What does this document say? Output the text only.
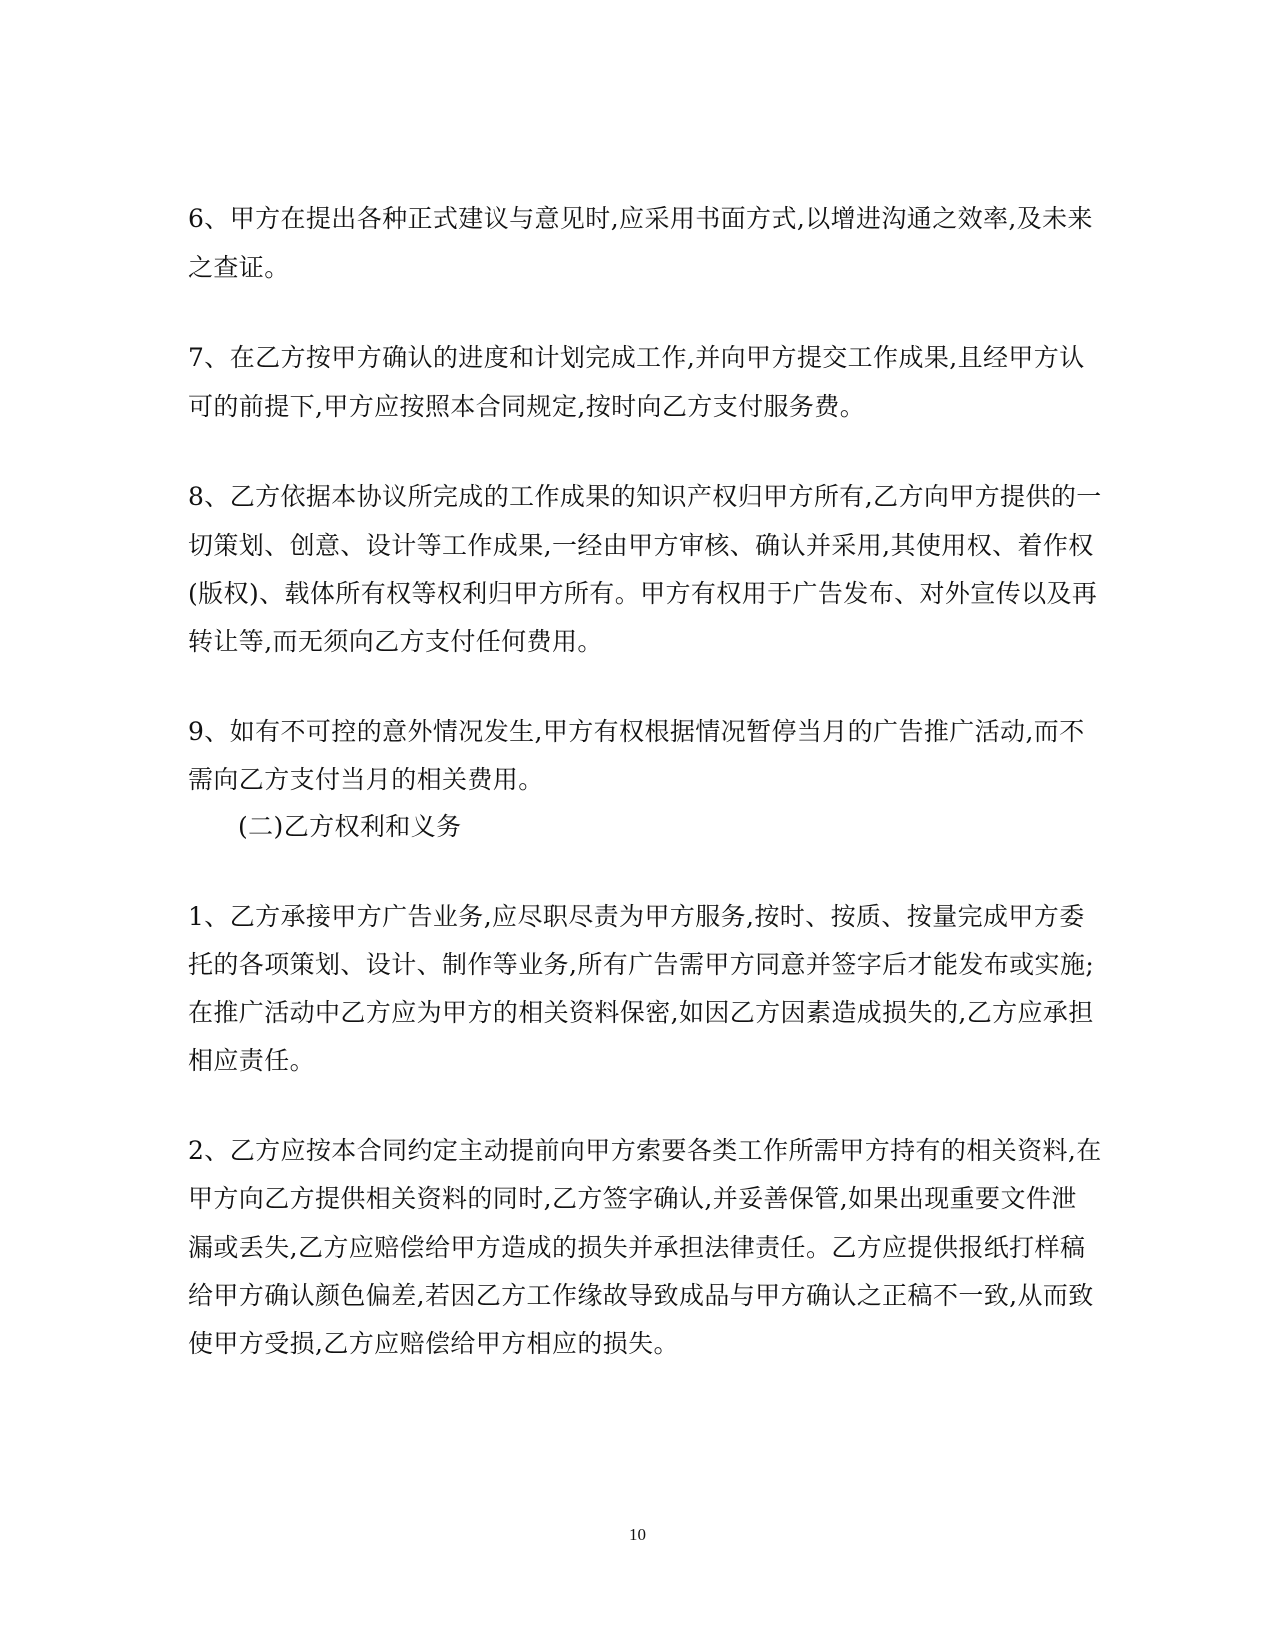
6、甲方在提出各种正式建议与意见时,应采用书面方式,以增进沟通之效率,及未来
之查证。
7、在乙方按甲方确认的进度和计划完成工作,并向甲方提交工作成果,且经甲方认
可的前提下,甲方应按照本合同规定,按时向乙方支付服务费。
8、乙方依据本协议所完成的工作成果的知识产权归甲方所有,乙方向甲方提供的一
切策划、创意、设计等工作成果,一经由甲方审核、确认并采用,其使用权、着作权
(版权)、载体所有权等权利归甲方所有。甲方有权用于广告发布、对外宣传以及再
转让等,而无须向乙方支付任何费用。
9、如有不可控的意外情况发生,甲方有权根据情况暂停当月的广告推广活动,而不
需向乙方支付当月的相关费用。
(二)乙方权利和义务
1、乙方承接甲方广告业务,应尽职尽责为甲方服务,按时、按质、按量完成甲方委
托的各项策划、设计、制作等业务,所有广告需甲方同意并签字后才能发布或实施;
在推广活动中乙方应为甲方的相关资料保密,如因乙方因素造成损失的,乙方应承担
相应责任。
2、乙方应按本合同约定主动提前向甲方索要各类工作所需甲方持有的相关资料,在
甲方向乙方提供相关资料的同时,乙方签字确认,并妥善保管,如果出现重要文件泄
漏或丢失,乙方应赔偿给甲方造成的损失并承担法律责任。乙方应提供报纸打样稿
给甲方确认颜色偏差,若因乙方工作缘故导致成品与甲方确认之正稿不一致,从而致
使甲方受损,乙方应赔偿给甲方相应的损失。
10
